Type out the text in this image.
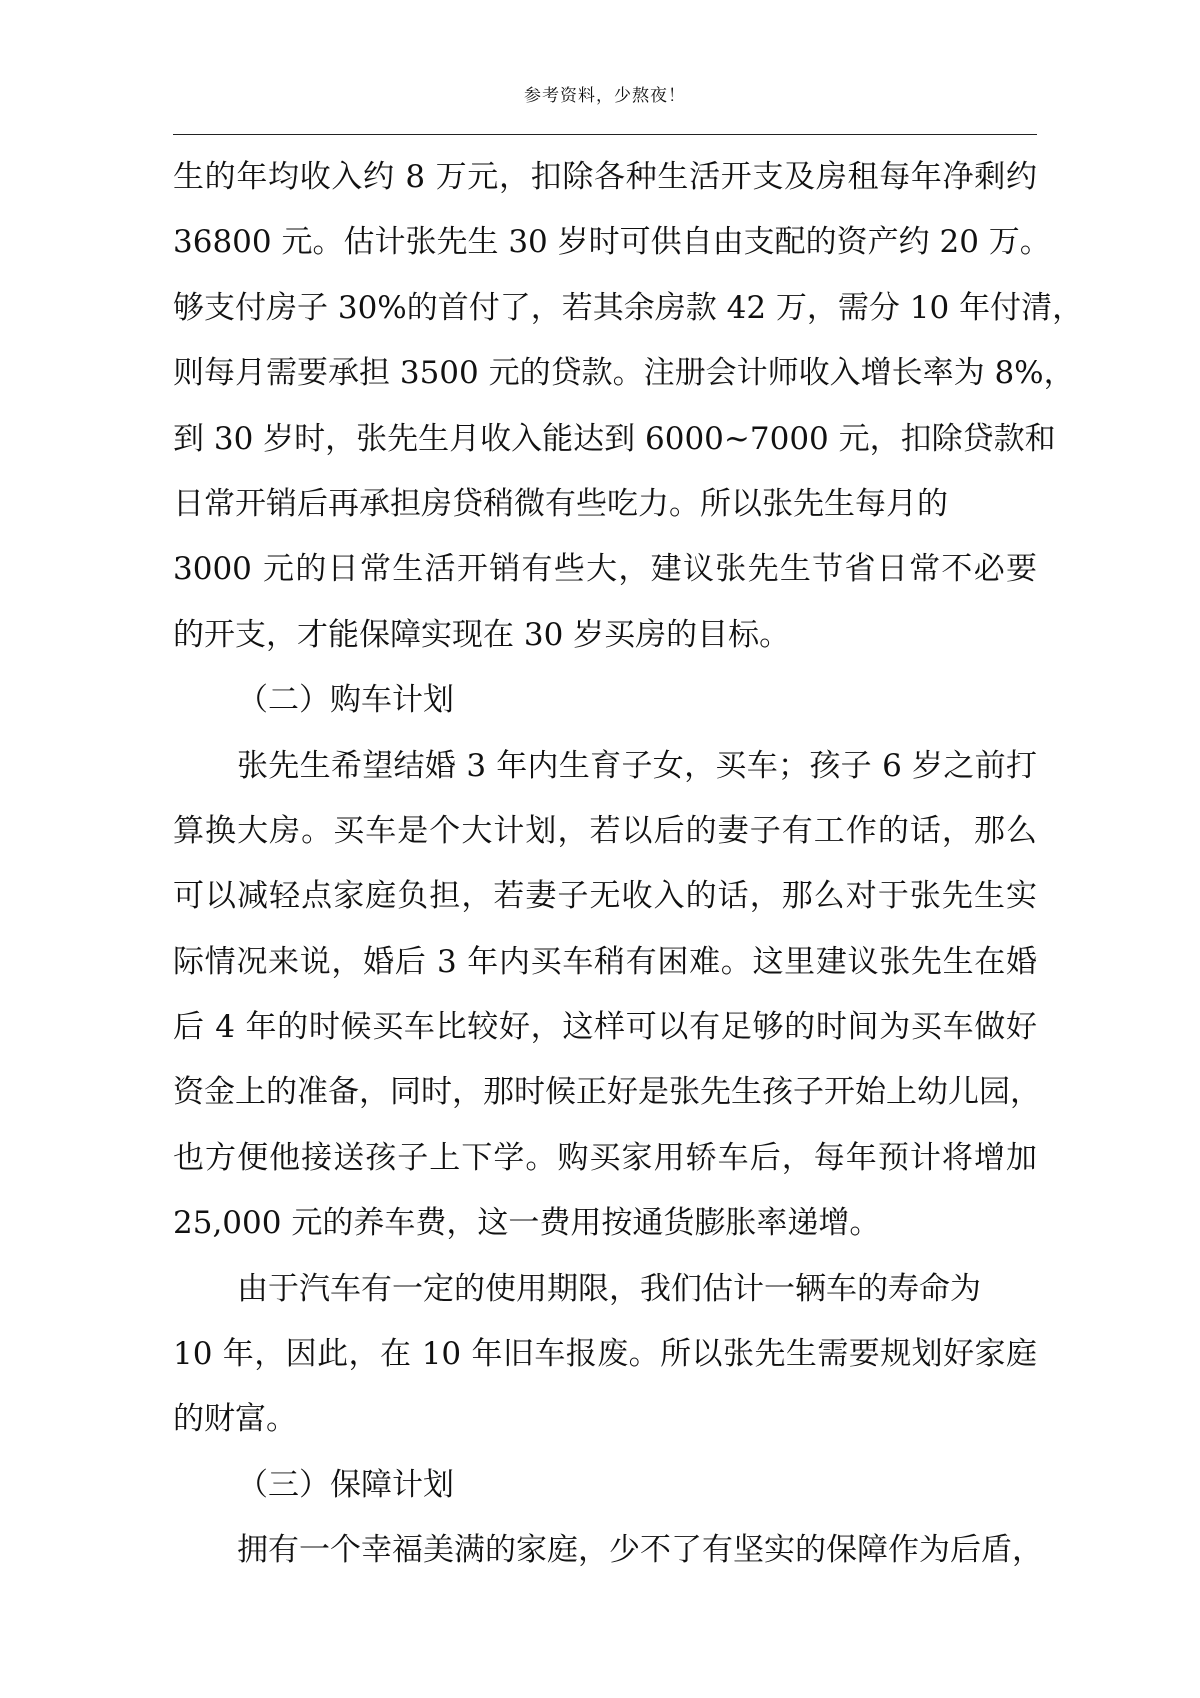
参考资料，少熬夜！
生的年均收入约 8 万元，扣除各种生活开支及房租每年净剩约
36800 元。估计张先生 30 岁时可供自由支配的资产约 20 万。
够支付房子 30%的首付了，若其余房款 42 万，需分 10 年付清，
则每月需要承担 3500 元的贷款。注册会计师收入增长率为 8%，
到 30 岁时，张先生月收入能达到 6000~7000 元，扣除贷款和
日常开销后再承担房贷稍微有些吃力。所以张先生每月的
3000 元的日常生活开销有些大，建议张先生节省日常不必要
的开支，才能保障实现在 30 岁买房的目标。
（二）购车计划
张先生希望结婚 3 年内生育子女，买车；孩子 6 岁之前打
算换大房。买车是个大计划，若以后的妻子有工作的话，那么
可以减轻点家庭负担，若妻子无收入的话，那么对于张先生实
际情况来说，婚后 3 年内买车稍有困难。这里建议张先生在婚
后 4 年的时候买车比较好，这样可以有足够的时间为买车做好
资金上的准备，同时，那时候正好是张先生孩子开始上幼儿园，
也方便他接送孩子上下学。购买家用轿车后，每年预计将增加
25,000 元的养车费，这一费用按通货膨胀率递增。
由于汽车有一定的使用期限，我们估计一辆车的寿命为
10 年，因此，在 10 年旧车报废。所以张先生需要规划好家庭
的财富。
（三）保障计划
拥有一个幸福美满的家庭，少不了有坚实的保障作为后盾，
